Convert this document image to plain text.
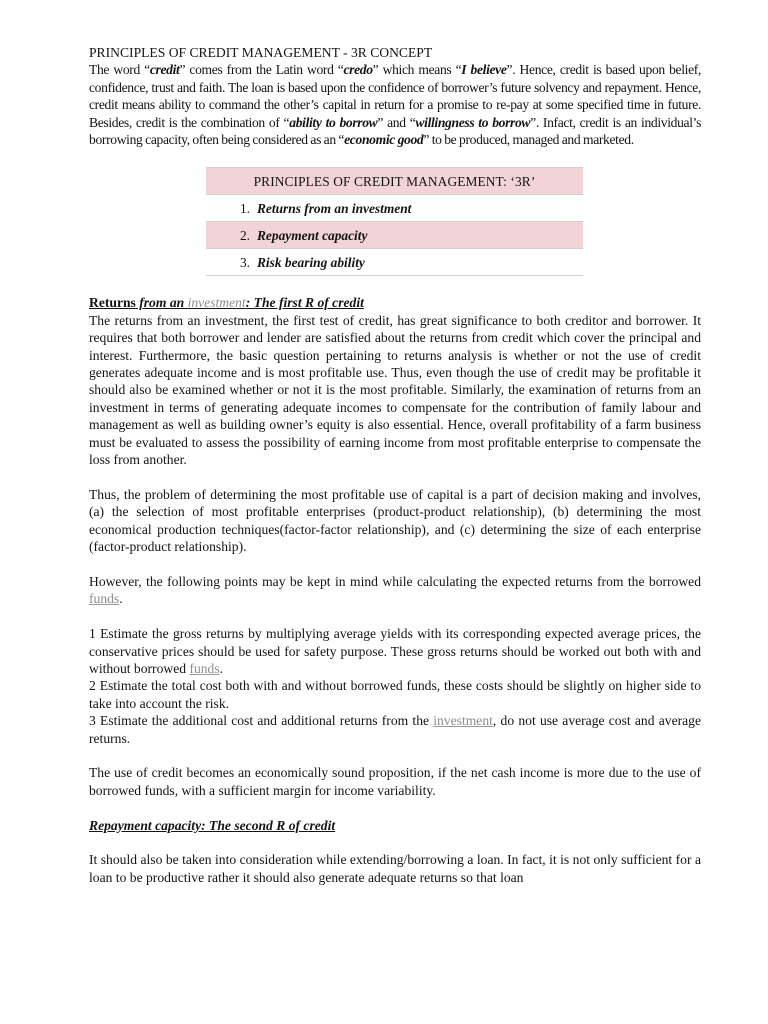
PRINCIPLES OF CREDIT MANAGEMENT - 3R CONCEPT

The word “credit” comes from the Latin word “credo” which means “I believe”. Hence, credit is based upon belief, confidence, trust and faith. The loan is based upon the confidence of borrower’s future solvency and repayment. Hence, credit means ability to command the other’s capital in return for a promise to re-pay at some specified time in future. Besides, credit is the combination of “ability to borrow” and “willingness to borrow”. Infact, credit is an individual’s borrowing capacity, often being considered as an “economic good” to be produced, managed and marketed.

PRINCIPLES OF CREDIT MANAGEMENT: ‘3R’
1. Returns from an investment
2. Repayment capacity
3. Risk bearing ability

Returns from an investment: The first R of credit

The returns from an investment, the first test of credit, has great significance to both creditor and borrower. It requires that both borrower and lender are satisfied about the returns from credit which cover the principal and interest. Furthermore, the basic question pertaining to returns analysis is whether or not the use of credit generates adequate income and is most profitable use. Thus, even though the use of credit may be profitable it should also be examined whether or not it is the most profitable. Similarly, the examination of returns from an investment in terms of generating adequate incomes to compensate for the contribution of family labour and management as well as building owner’s equity is also essential. Hence, overall profitability of a farm business must be evaluated to assess the possibility of earning income from most profitable enterprise to compensate the loss from another.

Thus, the problem of determining the most profitable use of capital is a part of decision making and involves, (a) the selection of most profitable enterprises (product-product relationship), (b) determining the most economical production techniques(factor-factor relationship), and (c) determining the size of each enterprise (factor-product relationship).

However, the following points may be kept in mind while calculating the expected returns from the borrowed funds.

1 Estimate the gross returns by multiplying average yields with its corresponding expected average prices, the conservative prices should be used for safety purpose. These gross returns should be worked out both with and without borrowed funds.

2 Estimate the total cost both with and without borrowed funds, these costs should be slightly on higher side to take into account the risk.

3 Estimate the additional cost and additional returns from the investment, do not use average cost and average returns.

The use of credit becomes an economically sound proposition, if the net cash income is more due to the use of borrowed funds, with a sufficient margin for income variability.

Repayment capacity: The second R of credit

It should also be taken into consideration while extending/borrowing a loan. In fact, it is not only sufficient for a loan to be productive rather it should also generate adequate returns so that loan
